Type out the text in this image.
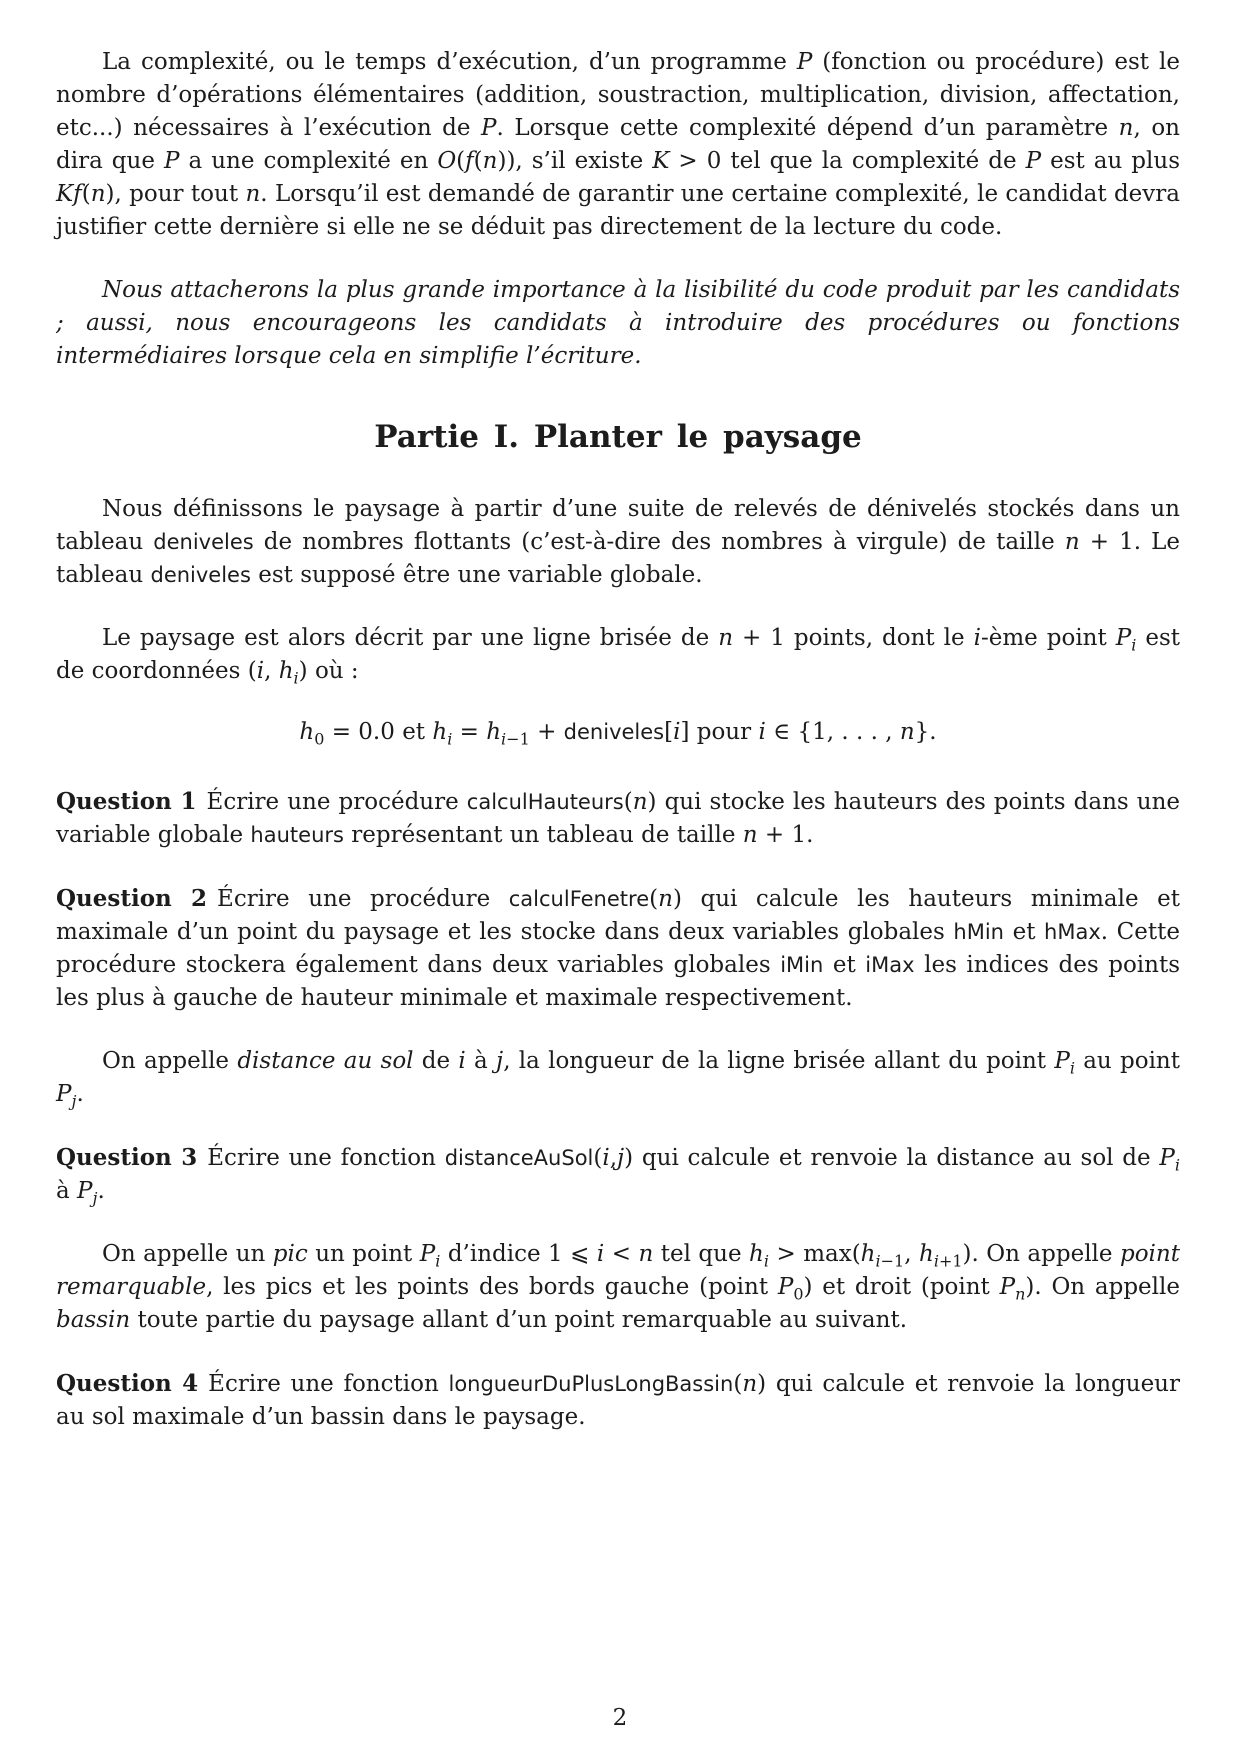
La complexité, ou le temps d’exécution, d’un programme P (fonction ou procédure) est le nombre d’opérations élémentaires (addition, soustraction, multiplication, division, affectation, etc...) nécessaires à l’exécution de P. Lorsque cette complexité dépend d’un paramètre n, on dira que P a une complexité en O(f(n)), s’il existe K > 0 tel que la complexité de P est au plus Kf(n), pour tout n. Lorsqu’il est demandé de garantir une certaine complexité, le candidat devra justifier cette dernière si elle ne se déduit pas directement de la lecture du code.

Nous attacherons la plus grande importance à la lisibilité du code produit par les candidats ; aussi, nous encourageons les candidats à introduire des procédures ou fonctions intermédiaires lorsque cela en simplifie l’écriture.

Partie I. Planter le paysage

Nous définissons le paysage à partir d’une suite de relevés de dénivelés stockés dans un tableau deniveles de nombres flottants (c’est-à-dire des nombres à virgule) de taille n + 1. Le tableau deniveles est supposé être une variable globale.

Le paysage est alors décrit par une ligne brisée de n + 1 points, dont le i-ème point $P_i$ est de coordonnées (i, $h_i$) où :

$h_0 = 0.0$ et $h_i = h_{i-1}$ + deniveles[i] pour i ∈ {1, . . . , n}.

Question 1 Écrire une procédure calculHauteurs(n) qui stocke les hauteurs des points dans une variable globale hauteurs représentant un tableau de taille n + 1.

Question 2 Écrire une procédure calculFenetre(n) qui calcule les hauteurs minimale et maximale d’un point du paysage et les stocke dans deux variables globales hMin et hMax. Cette procédure stockera également dans deux variables globales iMin et iMax les indices des points les plus à gauche de hauteur minimale et maximale respectivement.

On appelle distance au sol de i à j, la longueur de la ligne brisée allant du point $P_i$ au point $P_j$.

Question 3 Écrire une fonction distanceAuSol(i,j) qui calcule et renvoie la distance au sol de $P_i$ à $P_j$.

On appelle un pic un point $P_i$ d’indice 1 ⩽ i < n tel que $h_i > \max(h_{i-1}$, $h_{i+1}$). On appelle point remarquable, les pics et les points des bords gauche (point $P_0$) et droit (point $P_n$). On appelle bassin toute partie du paysage allant d’un point remarquable au suivant.

Question 4 Écrire une fonction longueurDuPlusLongBassin(n) qui calcule et renvoie la longueur au sol maximale d’un bassin dans le paysage.

2
